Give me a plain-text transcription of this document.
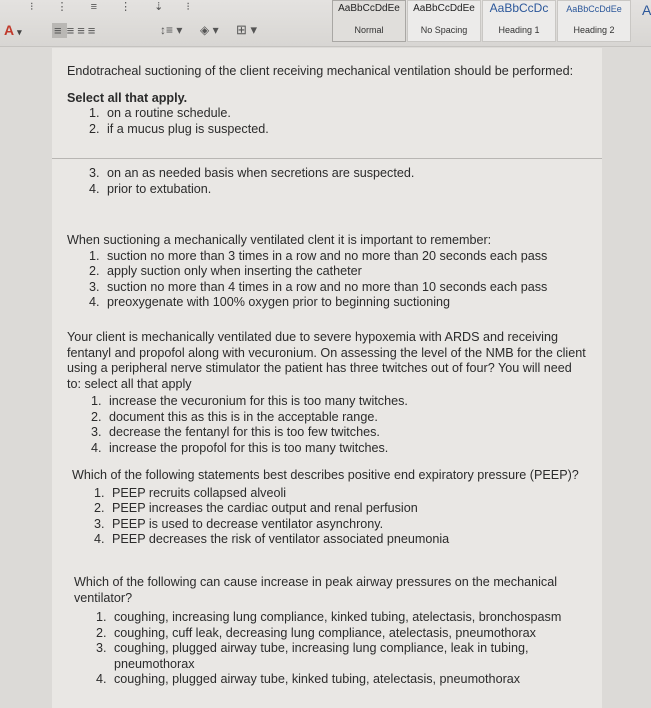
⁝ ⋮ ≡ ⋮ ⇣ ⁝
A ▾ ≡ ≡≡≡	↕≡ ▾ ◈ ▾ ⊞ ▾
AaBbCcDdEe
Normal
AaBbCcDdEe
No Spacing
AaBbCcDc
Heading 1
AaBbCcDdEe
Heading 2
A

Endotracheal suctioning of the client receiving mechanical ventilation should be performed:

Select all that apply.

1. on a routine schedule.
2. if a mucus plug is suspected.
3. on an as needed basis when secretions are suspected.
4. prior to extubation.

When suctioning a mechanically ventilated clent it is important to remember:

1. suction no more than 3 times in a row and no more than 20 seconds each pass
2. apply suction only when inserting the catheter
3. suction no more than 4 times in a row and no more than 10 seconds each pass
4. preoxygenate with 100% oxygen prior to beginning suctioning

Your client is mechanically ventilated due to severe hypoxemia with ARDS and receiving fentanyl and propofol along with vecuronium. On assessing the level of the NMB for the client using a peripheral nerve stimulator the patient has three twitches out of four? You will need to: select all that apply

1. increase the vecuronium for this is too many twitches.
2. document this as this is in the acceptable range.
3. decrease the fentanyl for this is too few twitches.
4. increase the propofol for this is too many twitches.

Which of the following statements best describes positive end expiratory pressure (PEEP)?

1. PEEP recruits collapsed alveoli
2. PEEP increases the cardiac output and renal perfusion
3. PEEP is used to decrease ventilator asynchrony.
4. PEEP decreases the risk of ventilator associated pneumonia

Which of the following can cause increase in peak airway pressures on the mechanical ventilator?

1. coughing, increasing lung compliance, kinked tubing, atelectasis, bronchospasm
2. coughing, cuff leak, decreasing lung compliance, atelectasis, pneumothorax
3. coughing, plugged airway tube, increasing lung compliance, leak in tubing, pneumothorax
4. coughing, plugged airway tube, kinked tubing, atelectasis, pneumothorax
